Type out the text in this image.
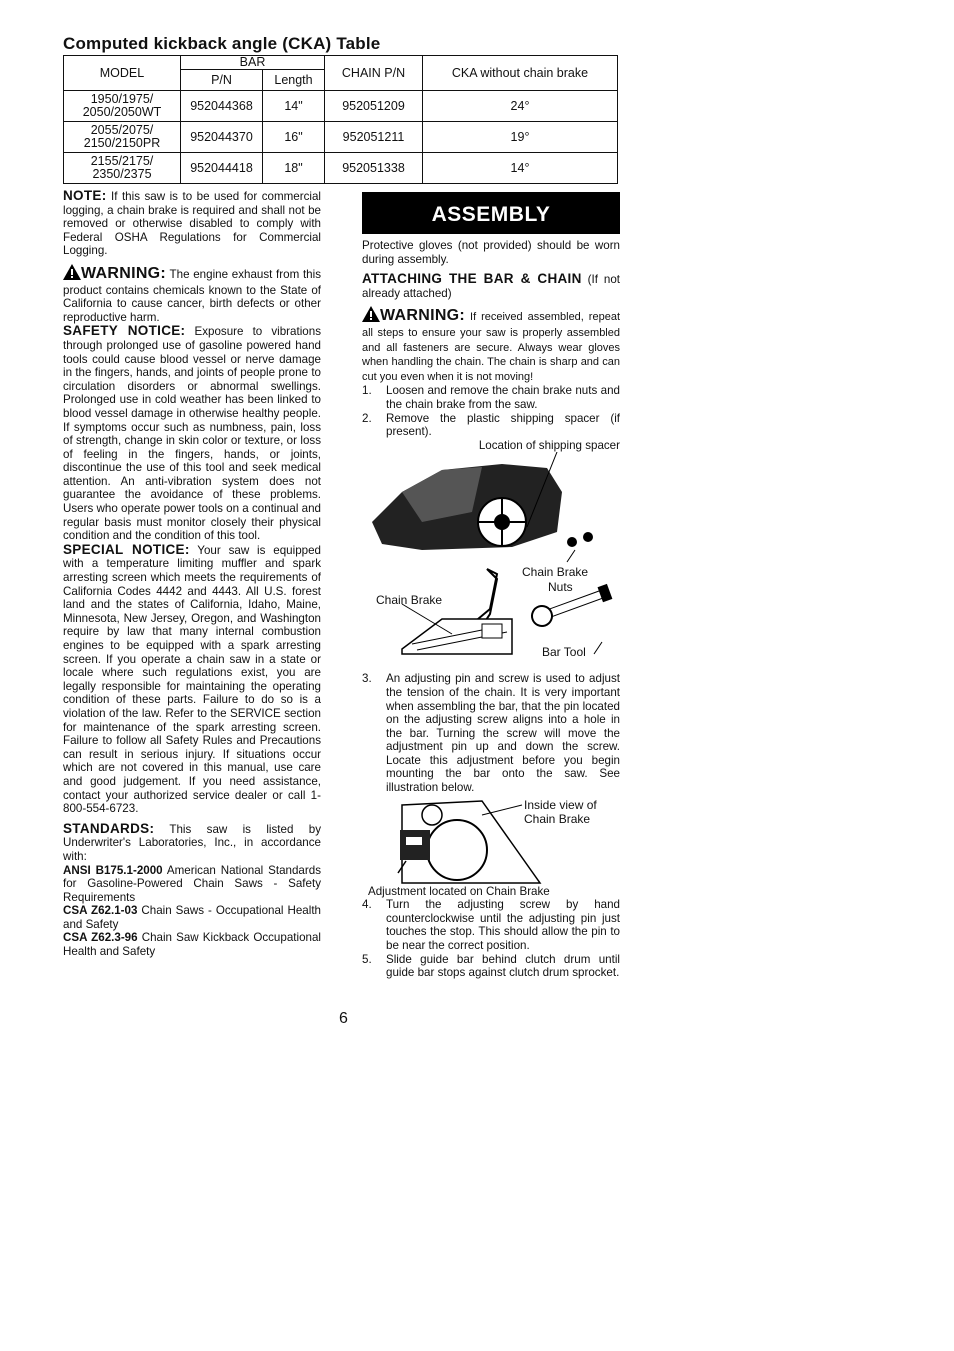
Computed kickback angle (CKA) Table
MODEL	BAR		CHAIN P/N	CKA without chain brake
	P/N	Length		
1950/1975/
2050/2050WT	952044368	14"	952051209	24°
2055/2075/
2150/2150PR	952044370	16"	952051211	19°
2155/2175/
2350/2375	952044418	18"	952051338	14°

NOTE: If this saw is to be used for commercial logging, a chain brake is required and shall not be removed or otherwise disabled to comply with Federal OSHA Regulations for Commercial Logging.

WARNING: The engine exhaust from this product contains chemicals known to the State of California to cause cancer, birth defects or other reproductive harm.

SAFETY NOTICE: Exposure to vibrations through prolonged use of gasoline powered hand tools could cause blood vessel or nerve damage in the fingers, hands, and joints of people prone to circulation disorders or abnormal swellings. Prolonged use in cold weather has been linked to blood vessel damage in otherwise healthy people. If symptoms occur such as numbness, pain, loss of strength, change in skin color or texture, or loss of feeling in the fingers, hands, or joints, discontinue the use of this tool and seek medical attention. An anti-vibration system does not guarantee the avoidance of these problems. Users who operate power tools on a continual and regular basis must monitor closely their physical condition and the condition of this tool.

SPECIAL NOTICE: Your saw is equipped with a temperature limiting muffler and spark arresting screen which meets the requirements of California Codes 4442 and 4443. All U.S. forest land and the states of California, Idaho, Maine, Minnesota, New Jersey, Oregon, and Washington require by law that many internal combustion engines to be equipped with a spark arresting screen. If you operate a chain saw in a state or locale where such regulations exist, you are legally responsible for maintaining the operating condition of these parts. Failure to do so is a violation of the law. Refer to the SERVICE section for maintenance of the spark arresting screen. Failure to follow all Safety Rules and Precautions can result in serious injury. If situations occur which are not covered in this manual, use care and good judgement. If you need assistance, contact your authorized service dealer or call 1-800-554-6723.

STANDARDS: This saw is listed by Underwriter's Laboratories, Inc., in accordance with:

ANSI B175.1-2000 American National Standards for Gasoline-Powered Chain Saws - Safety Requirements

CSA Z62.1-03 Chain Saws - Occupational Health and Safety

CSA Z62.3-96 Chain Saw Kickback Occupational Health and Safety

ASSEMBLY

Protective gloves (not provided) should be worn during assembly.

ATTACHING THE BAR & CHAIN (If not already attached)

WARNING: If received assembled, repeat all steps to ensure your saw is properly assembled and all fasteners are secure. Always wear gloves when handling the chain. The chain is sharp and can cut you even when it is not moving!

1. Loosen and remove the chain brake nuts and the chain brake from the saw.
2. Remove the plastic shipping spacer (if present).
Location of shipping spacer
Chain Brake
Chain Brake
Nuts
Bar Tool
3. An adjusting pin and screw is used to adjust the tension of the chain. It is very important when assembling the bar, that the pin located on the adjusting screw aligns into a hole in the bar. Turning the screw will move the adjustment pin up and down the screw. Locate this adjustment before you begin mounting the bar onto the saw. See illustration below.
Inside view of
Chain Brake
Adjustment located on Chain Brake
4. Turn the adjusting screw by hand counterclockwise until the adjusting pin just touches the stop. This should allow the pin to be near the correct position.
5. Slide guide bar behind clutch drum until guide bar stops against clutch drum sprocket.
6
